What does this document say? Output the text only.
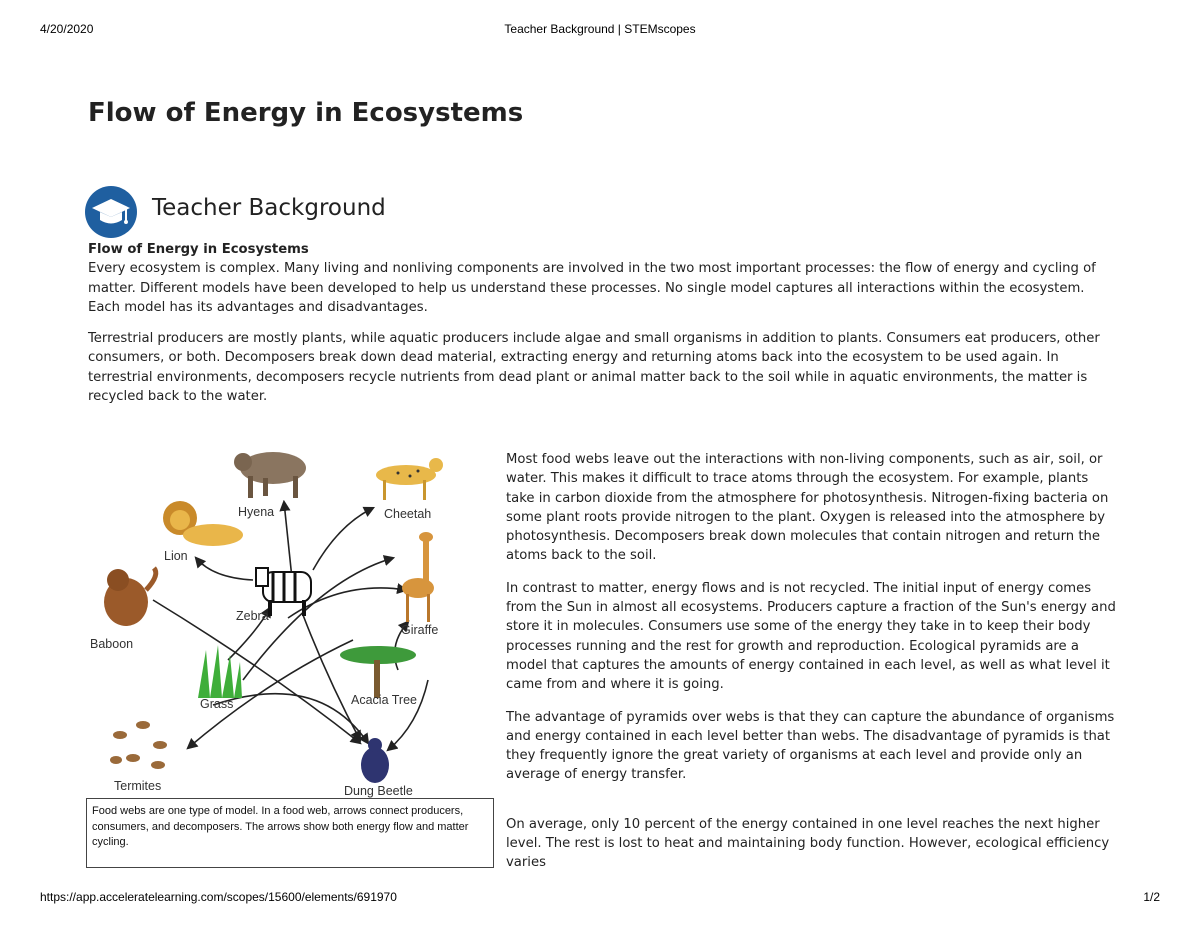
4/20/2020	Teacher Background | STEMscopes
Flow of Energy in Ecosystems
Teacher Background

Flow of Energy in Ecosystems

Every ecosystem is complex. Many living and nonliving components are involved in the two most important processes: the flow of energy and cycling of matter. Different models have been developed to help us understand these processes. No single model captures all interactions within the ecosystem. Each model has its advantages and disadvantages.

Terrestrial producers are mostly plants, while aquatic producers include algae and small organisms in addition to plants. Consumers eat producers, other consumers, or both. Decomposers break down dead material, extracting energy and returning atoms back into the ecosystem to be used again. In terrestrial environments, decomposers recycle nutrients from dead plant or animal matter back to the soil while in aquatic environments, the matter is recycled back to the water.

Hyena	Cheetah
Lion
Zebra
Giraffe
Baboon
Grass	Acacia Tree
Termites	Dung Beetle
Food webs are one type of model. In a food web, arrows connect producers, consumers, and decomposers. The arrows show both energy flow and matter cycling.

Most food webs leave out the interactions with non-living components, such as air, soil, or water. This makes it difficult to trace atoms through the ecosystem. For example, plants take in carbon dioxide from the atmosphere for photosynthesis. Nitrogen-fixing bacteria on some plant roots provide nitrogen to the plant. Oxygen is released into the atmosphere by photosynthesis. Decomposers break down molecules that contain nitrogen and return the atoms back to the soil.

In contrast to matter, energy flows and is not recycled. The initial input of energy comes from the Sun in almost all ecosystems. Producers capture a fraction of the Sun's energy and store it in molecules. Consumers use some of the energy they take in to keep their body processes running and the rest for growth and reproduction. Ecological pyramids are a model that captures the amounts of energy contained in each level, as well as what level it came from and where it is going.

The advantage of pyramids over webs is that they can capture the abundance of organisms and energy contained in each level better than webs. The disadvantage of pyramids is that they frequently ignore the great variety of organisms at each level and provide only an average of energy transfer.

On average, only 10 percent of the energy contained in one level reaches the next higher level. The rest is lost to heat and maintaining body function. However, ecological efficiency varies

https://app.acceleratelearning.com/scopes/15600/elements/691970	1/2
